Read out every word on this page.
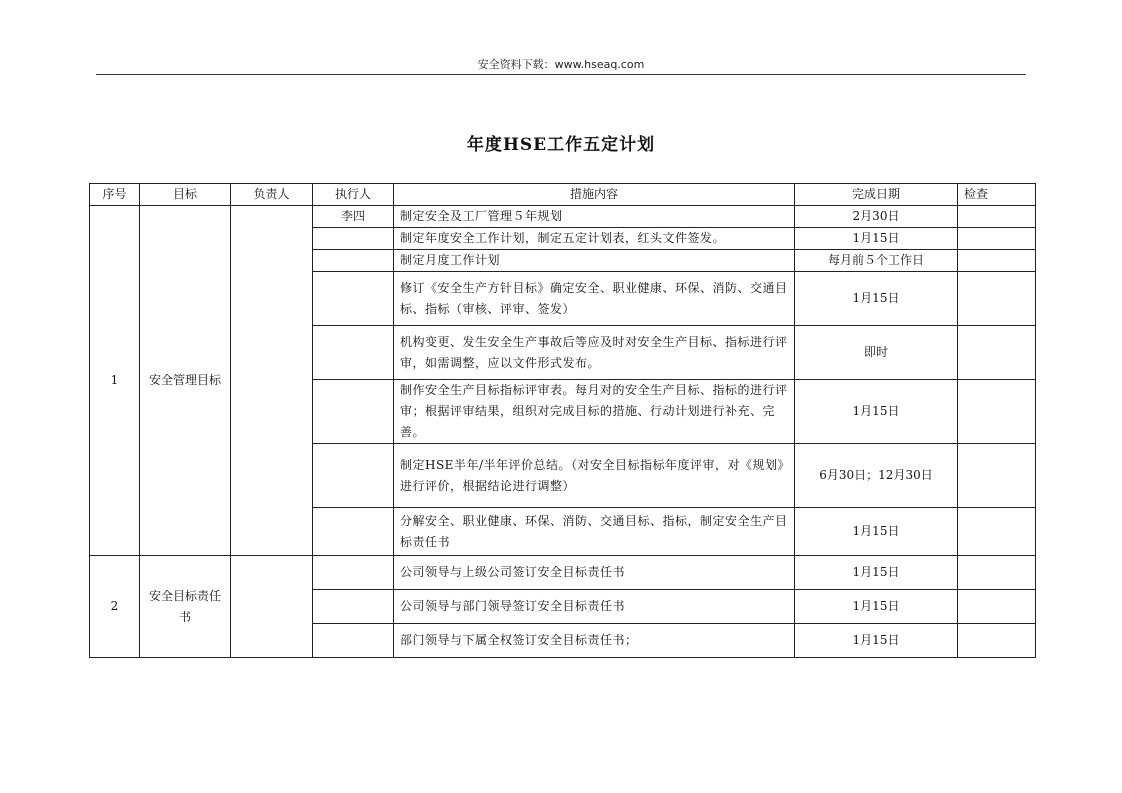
安全资料下载：www.hseaq.com
年度HSE工作五定计划
序号	目标	负责人	执行人	措施内容	完成日期	检查
1	安全管理目标		李四	制定安全及工厂管理５年规划	2月30日	
				制定年度安全工作计划，制定五定计划表，红头文件签发。	1月15日	
				制定月度工作计划	每月前５个工作日	
				修订《安全生产方针目标》确定安全、职业健康、环保、消防、交通目标、指标（审核、评审、签发）	1月15日	
				机构变更、发生安全生产事故后等应及时对安全生产目标、指标进行评审，如需调整，应以文件形式发布。	即时	
				制作安全生产目标指标评审表。每月对的安全生产目标、指标的进行评审；根据评审结果，组织对完成目标的措施、行动计划进行补充、完善。	1月15日	
				制定HSE半年/半年评价总结。（对安全目标指标年度评审，对《规划》进行评价，根据结论进行调整）	6月30日；12月30日	
				分解安全、职业健康、环保、消防、交通目标、指标，制定安全生产目标责任书	1月15日	
2	安全目标责任书			公司领导与上级公司签订安全目标责任书	1月15日	
				公司领导与部门领导签订安全目标责任书	1月15日	
				部门领导与下属全权签订安全目标责任书；	1月15日	
